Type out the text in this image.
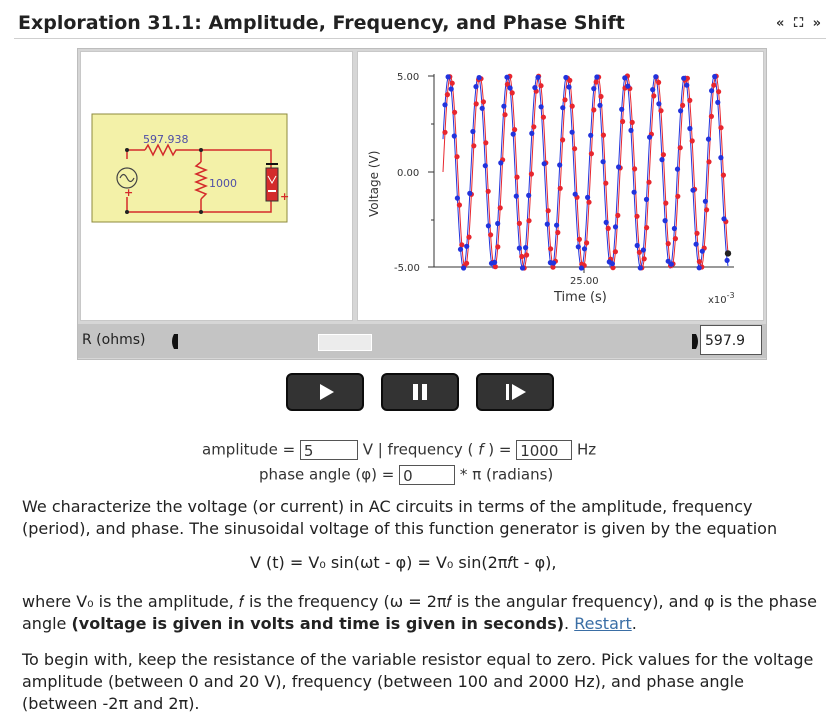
Exploration 31.1: Amplitude, Frequency, and Phase Shift	« ⛶ »
597.938
1000
+	+	Voltage (V)
5.00
0.00
-5.00
25.00
Time (s)	$x10^{-3}$
R (ohms)	597.9
amplitude = 5	V | frequency ( f ) = 1000 Hz
phase angle (φ) = 0	* π (radians)

We characterize the voltage (or current) in AC circuits in terms of the amplitude, frequency (period), and phase. The sinusoidal voltage of this function generator is given by the equation

V (t) = V₀ sin(ωt - φ) = V₀ sin(2π𝑓t - φ),

where V₀ is the amplitude, 𝑓 is the frequency (ω = 2π𝑓 is the angular frequency), and φ is the phase angle (voltage is given in volts and time is given in seconds). Restart.

To begin with, keep the resistance of the variable resistor equal to zero. Pick values for the voltage amplitude (between 0 and 20 V), frequency (between 100 and 2000 Hz), and phase angle (between -2π and 2π).
